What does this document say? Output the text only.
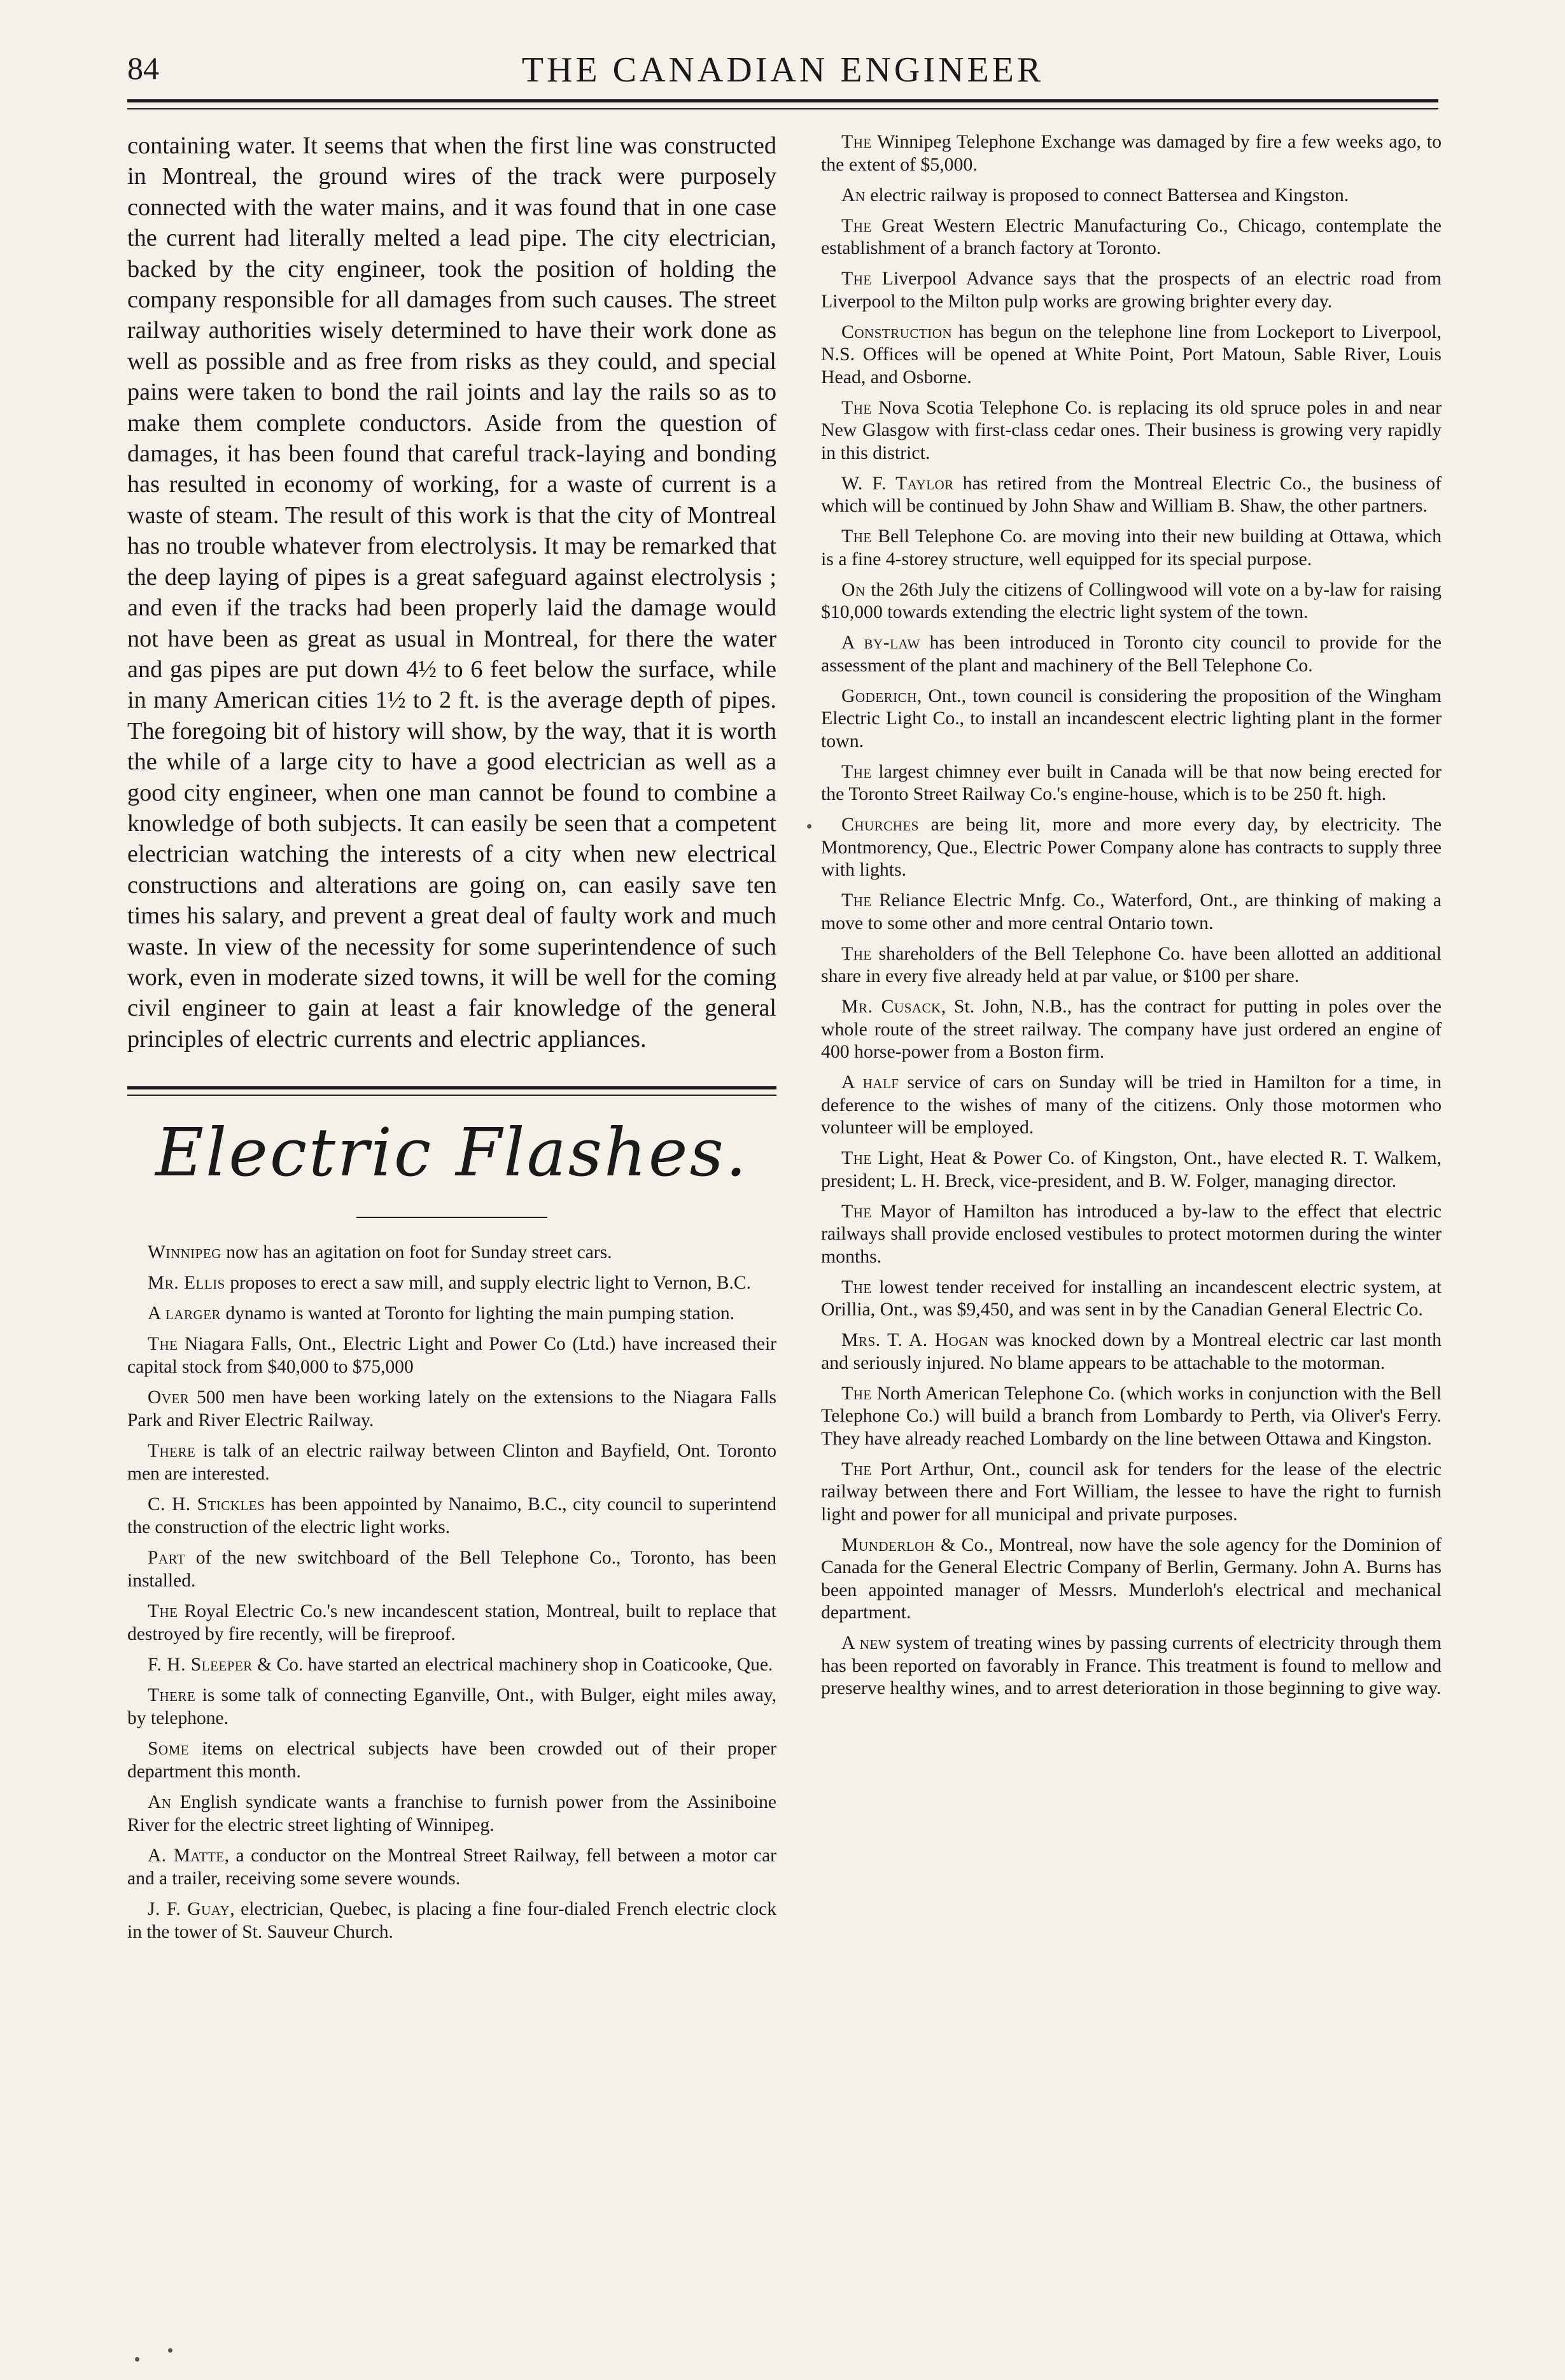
84	THE CANADIAN ENGINEER

containing water. It seems that when the first line was constructed in Montreal, the ground wires of the track were purposely connected with the water mains, and it was found that in one case the current had literally melted a lead pipe. The city electrician, backed by the city engineer, took the position of holding the company responsible for all damages from such causes. The street railway authorities wisely determined to have their work done as well as possible and as free from risks as they could, and special pains were taken to bond the rail joints and lay the rails so as to make them complete conductors. Aside from the question of damages, it has been found that careful track-laying and bonding has resulted in economy of working, for a waste of current is a waste of steam. The result of this work is that the city of Montreal has no trouble whatever from electrolysis. It may be remarked that the deep laying of pipes is a great safeguard against electrolysis ; and even if the tracks had been properly laid the damage would not have been as great as usual in Montreal, for there the water and gas pipes are put down 4½ to 6 feet below the surface, while in many American cities 1½ to 2 ft. is the average depth of pipes. The foregoing bit of history will show, by the way, that it is worth the while of a large city to have a good electrician as well as a good city engineer, when one man cannot be found to combine a knowledge of both subjects. It can easily be seen that a competent electrician watching the interests of a city when new electrical constructions and alterations are going on, can easily save ten times his salary, and prevent a great deal of faulty work and much waste. In view of the necessity for some superintendence of such work, even in moderate sized towns, it will be well for the coming civil engineer to gain at least a fair knowledge of the general principles of electric currents and electric appliances.

Electric Flashes.

Winnipeg now has an agitation on foot for Sunday street cars.

Mr. Ellis proposes to erect a saw mill, and supply electric light to Vernon, B.C.

A larger dynamo is wanted at Toronto for lighting the main pumping station.

The Niagara Falls, Ont., Electric Light and Power Co (Ltd.) have increased their capital stock from $40,000 to $75,000

Over 500 men have been working lately on the extensions to the Niagara Falls Park and River Electric Railway.

There is talk of an electric railway between Clinton and Bayfield, Ont. Toronto men are interested.

C. H. Stickles has been appointed by Nanaimo, B.C., city council to superintend the construction of the electric light works.

Part of the new switchboard of the Bell Telephone Co., Toronto, has been installed.

The Royal Electric Co.'s new incandescent station, Montreal, built to replace that destroyed by fire recently, will be fireproof.

F. H. Sleeper & Co. have started an electrical machinery shop in Coaticooke, Que.

There is some talk of connecting Eganville, Ont., with Bulger, eight miles away, by telephone.

Some items on electrical subjects have been crowded out of their proper department this month.

An English syndicate wants a franchise to furnish power from the Assiniboine River for the electric street lighting of Winnipeg.

A. Matte, a conductor on the Montreal Street Railway, fell between a motor car and a trailer, receiving some severe wounds.

J. F. Guay, electrician, Quebec, is placing a fine four-dialed French electric clock in the tower of St. Sauveur Church.

The Winnipeg Telephone Exchange was damaged by fire a few weeks ago, to the extent of $5,000.

An electric railway is proposed to connect Battersea and Kingston.

The Great Western Electric Manufacturing Co., Chicago, contemplate the establishment of a branch factory at Toronto.

The Liverpool Advance says that the prospects of an electric road from Liverpool to the Milton pulp works are growing brighter every day.

Construction has begun on the telephone line from Lockeport to Liverpool, N.S. Offices will be opened at White Point, Port Matoun, Sable River, Louis Head, and Osborne.

The Nova Scotia Telephone Co. is replacing its old spruce poles in and near New Glasgow with first-class cedar ones. Their business is growing very rapidly in this district.

W. F. Taylor has retired from the Montreal Electric Co., the business of which will be continued by John Shaw and William B. Shaw, the other partners.

The Bell Telephone Co. are moving into their new building at Ottawa, which is a fine 4-storey structure, well equipped for its special purpose.

On the 26th July the citizens of Collingwood will vote on a by-law for raising $10,000 towards extending the electric light system of the town.

A by-law has been introduced in Toronto city council to provide for the assessment of the plant and machinery of the Bell Telephone Co.

Goderich, Ont., town council is considering the proposition of the Wingham Electric Light Co., to install an incandescent electric lighting plant in the former town.

The largest chimney ever built in Canada will be that now being erected for the Toronto Street Railway Co.'s engine-house, which is to be 250 ft. high.

Churches are being lit, more and more every day, by electricity. The Montmorency, Que., Electric Power Company alone has contracts to supply three with lights.

The Reliance Electric Mnfg. Co., Waterford, Ont., are thinking of making a move to some other and more central Ontario town.

The shareholders of the Bell Telephone Co. have been allotted an additional share in every five already held at par value, or $100 per share.

Mr. Cusack, St. John, N.B., has the contract for putting in poles over the whole route of the street railway. The company have just ordered an engine of 400 horse-power from a Boston firm.

A half service of cars on Sunday will be tried in Hamilton for a time, in deference to the wishes of many of the citizens. Only those motormen who volunteer will be employed.

The Light, Heat & Power Co. of Kingston, Ont., have elected R. T. Walkem, president; L. H. Breck, vice-president, and B. W. Folger, managing director.

The Mayor of Hamilton has introduced a by-law to the effect that electric railways shall provide enclosed vestibules to protect motormen during the winter months.

The lowest tender received for installing an incandescent electric system, at Orillia, Ont., was $9,450, and was sent in by the Canadian General Electric Co.

Mrs. T. A. Hogan was knocked down by a Montreal electric car last month and seriously injured. No blame appears to be attachable to the motorman.

The North American Telephone Co. (which works in conjunction with the Bell Telephone Co.) will build a branch from Lombardy to Perth, via Oliver's Ferry. They have already reached Lombardy on the line between Ottawa and Kingston.

The Port Arthur, Ont., council ask for tenders for the lease of the electric railway between there and Fort William, the lessee to have the right to furnish light and power for all municipal and private purposes.

Munderloh & Co., Montreal, now have the sole agency for the Dominion of Canada for the General Electric Company of Berlin, Germany. John A. Burns has been appointed manager of Messrs. Munderloh's electrical and mechanical department.

A new system of treating wines by passing currents of electricity through them has been reported on favorably in France. This treatment is found to mellow and preserve healthy wines, and to arrest deterioration in those beginning to give way.
